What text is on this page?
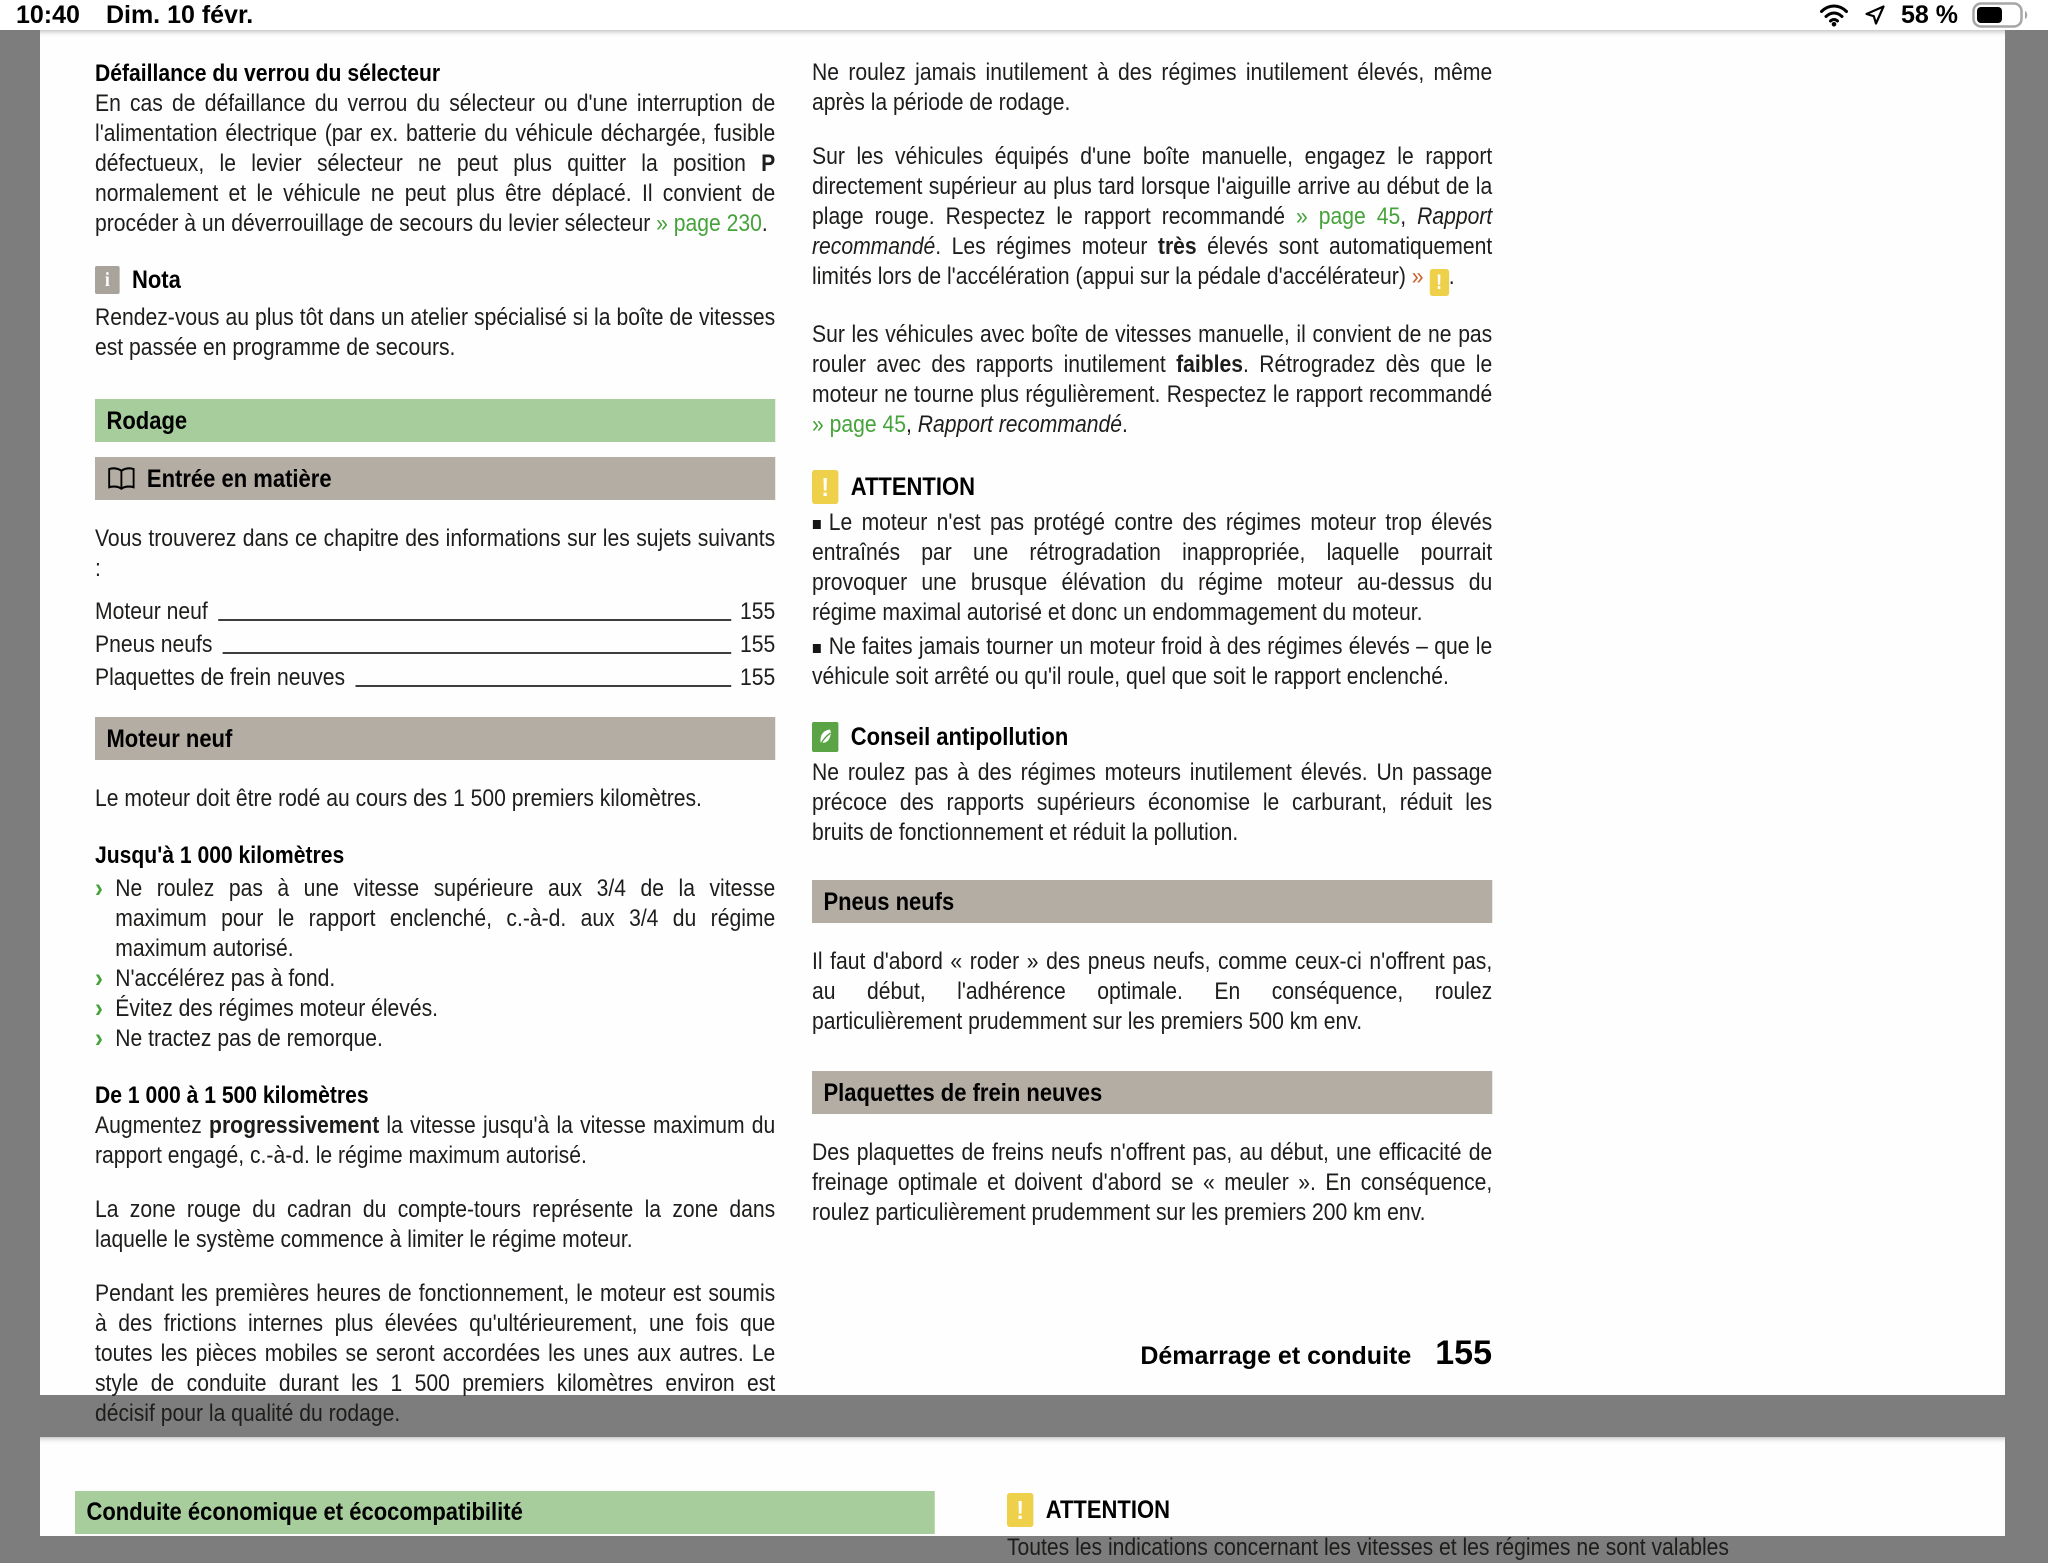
10:40 Dim. 10 févr.	58 %
Défaillance du verrou du sélecteur

En cas de défaillance du verrou du sélecteur ou d'une interruption de l'alimentation électrique (par ex. batterie du véhicule déchargée, fusible défectueux, le levier sélecteur ne peut plus quitter la position P normalement et le véhicule ne peut plus être déplacé. Il convient de procéder à un déverrouillage de secours du levier sélecteur » page 230.

i Nota

Rendez-vous au plus tôt dans un atelier spécialisé si la boîte de vitesses est passée en programme de secours.

Rodage
Entrée en matière

Vous trouverez dans ce chapitre des informations sur les sujets suivants :

Moteur neuf	155
Pneus neufs	155
Plaquettes de frein neuves	155
Moteur neuf

Le moteur doit être rodé au cours des 1 500 premiers kilomètres.

Jusqu'à 1 000 kilomètres
› Ne roulez pas à une vitesse supérieure aux 3/4 de la vitesse maximum pour le rapport enclenché, c.-à-d. aux 3/4 du régime maximum autorisé.
› N'accélérez pas à fond.
› Évitez des régimes moteur élevés.
› Ne tractez pas de remorque.
De 1 000 à 1 500 kilomètres

Augmentez progressivement la vitesse jusqu'à la vitesse maximum du rapport engagé, c.-à-d. le régime maximum autorisé.

La zone rouge du cadran du compte-tours représente la zone dans laquelle le système commence à limiter le régime moteur.

Pendant les premières heures de fonctionnement, le moteur est soumis à des frictions internes plus élevées qu'ultérieurement, une fois que toutes les pièces mobiles se seront accordées les unes aux autres. Le style de conduite durant les 1 500 premiers kilomètres environ est décisif pour la qualité du rodage.

Ne roulez jamais inutilement à des régimes inutilement élevés, même après la période de rodage.

Sur les véhicules équipés d'une boîte manuelle, engagez le rapport directement supérieur au plus tard lorsque l'aiguille arrive au début de la plage rouge. Respectez le rapport recommandé » page 45, Rapport recommandé. Les régimes moteur très élevés sont automatiquement limités lors de l'accélération (appui sur la pédale d'accélérateur) » ! .

Sur les véhicules avec boîte de vitesses manuelle, il convient de ne pas rouler avec des rapports inutilement faibles. Rétrogradez dès que le moteur ne tourne plus régulièrement. Respectez le rapport recommandé » page 45, Rapport recommandé.

! ATTENTION

Le moteur n'est pas protégé contre des régimes moteur trop élevés entraînés par une rétrogradation inappropriée, laquelle pourrait provoquer une brusque élévation du régime moteur au-dessus du régime maximal autorisé et donc un endommagement du moteur.

Ne faites jamais tourner un moteur froid à des régimes élevés – que le véhicule soit arrêté ou qu'il roule, quel que soit le rapport enclenché.

Conseil antipollution

Ne roulez pas à des régimes moteurs inutilement élevés. Un passage précoce des rapports supérieurs économise le carburant, réduit les bruits de fonctionnement et réduit la pollution.

Pneus neufs

Il faut d'abord « roder » des pneus neufs, comme ceux-ci n'offrent pas, au début, l'adhérence optimale. En conséquence, roulez particulièrement prudemment sur les premiers 500 km env.

Plaquettes de frein neuves

Des plaquettes de freins neufs n'offrent pas, au début, une efficacité de freinage optimale et doivent d'abord se « meuler ». En conséquence, roulez particulièrement prudemment sur les premiers 200 km env.

Démarrage et conduite 155
Conduite économique et écocompatibilité	! ATTENTION

Toutes les indications concernant les vitesses et les régimes ne sont valables
